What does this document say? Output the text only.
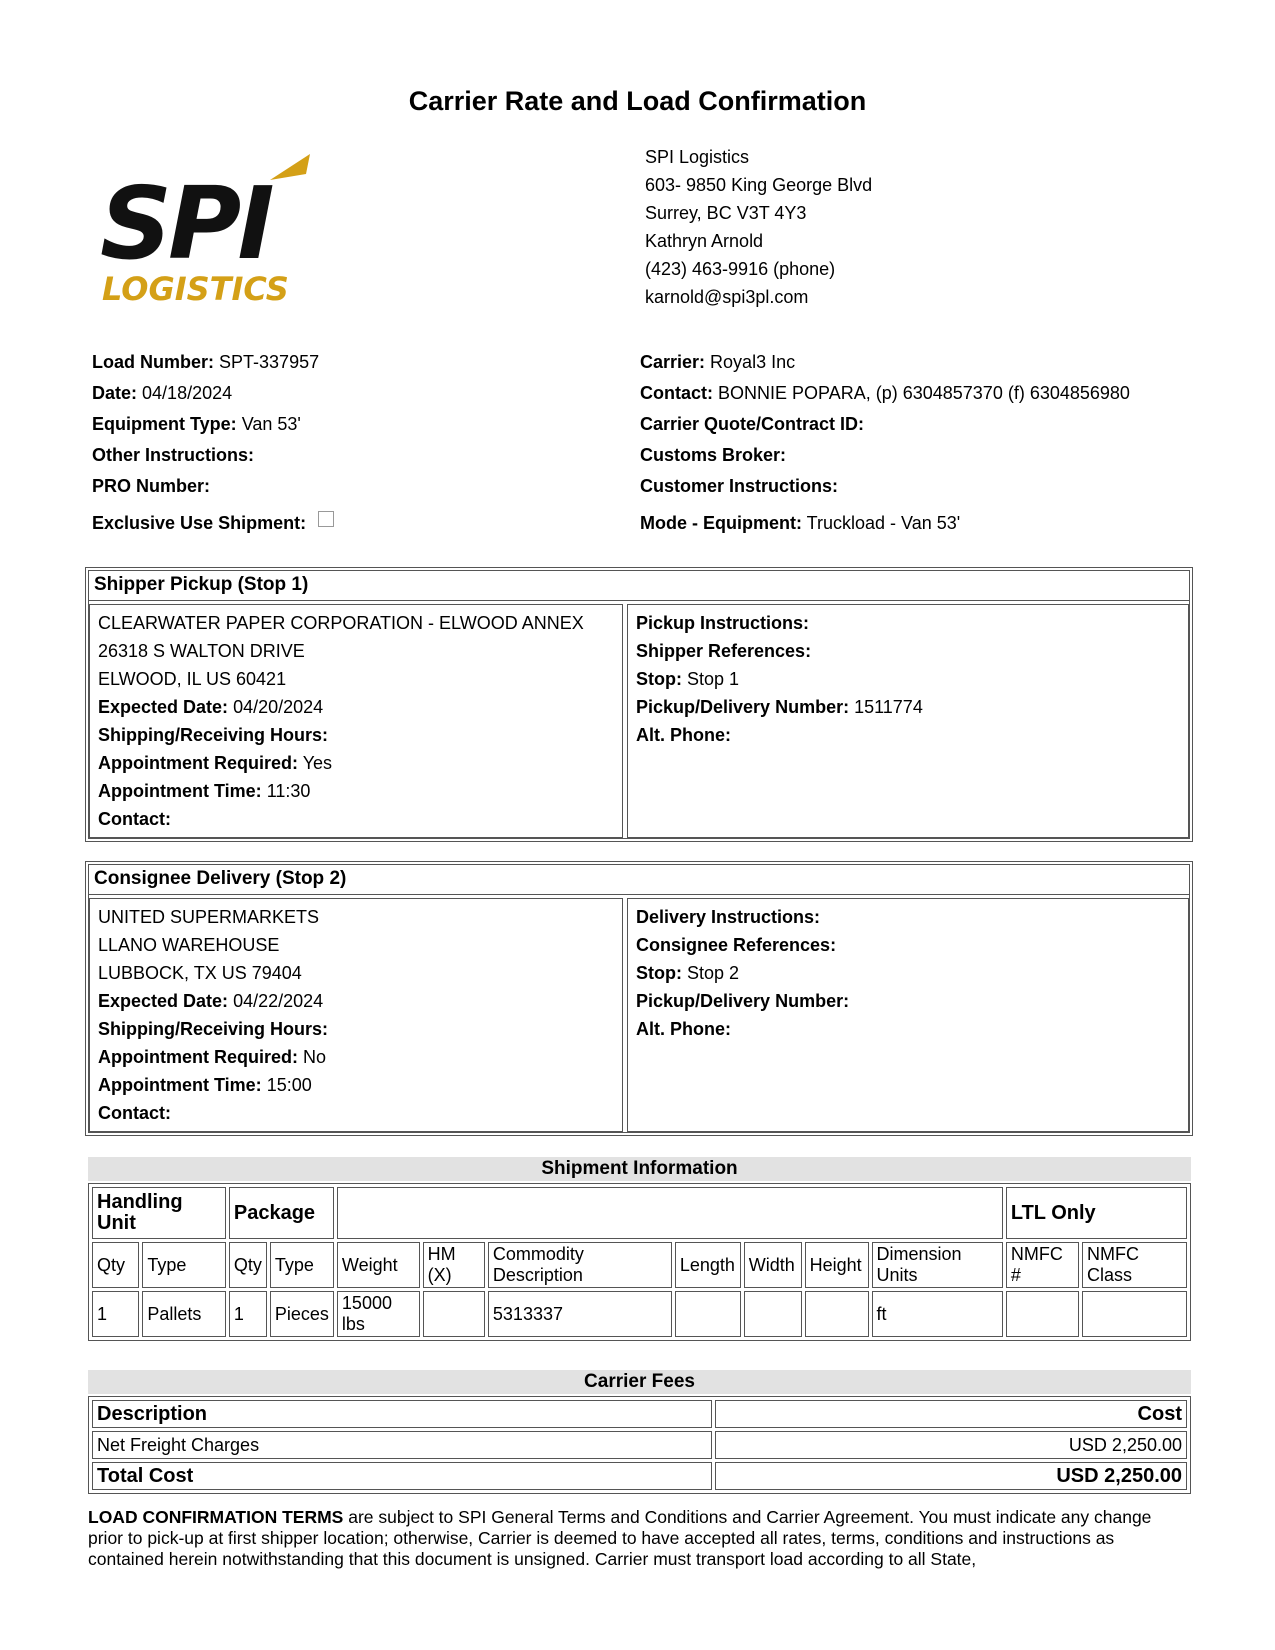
Carrier Rate and Load Confirmation
SPI
LOGISTICS
SPI Logistics
603- 9850 King George Blvd
Surrey, BC V3T 4Y3
Kathryn Arnold
(423) 463-9916 (phone)
karnold@spi3pl.com
Load Number: SPT-337957
Date: 04/18/2024
Equipment Type: Van 53'
Other Instructions:
PRO Number:
Exclusive Use Shipment:
Carrier: Royal3 Inc
Contact: BONNIE POPARA, (p) 6304857370 (f) 6304856980
Carrier Quote/Contract ID:
Customs Broker:
Customer Instructions:
Mode - Equipment: Truckload - Van 53'
Shipper Pickup (Stop 1)
CLEARWATER PAPER CORPORATION - ELWOOD ANNEX
26318 S WALTON DRIVE
ELWOOD, IL US 60421
Expected Date: 04/20/2024
Shipping/Receiving Hours:
Appointment Required: Yes
Appointment Time: 11:30
Contact:
Pickup Instructions:
Shipper References:
Stop: Stop 1
Pickup/Delivery Number: 1511774
Alt. Phone:
Consignee Delivery (Stop 2)
UNITED SUPERMARKETS
LLANO WAREHOUSE
LUBBOCK, TX US 79404
Expected Date: 04/22/2024
Shipping/Receiving Hours:
Appointment Required: No
Appointment Time: 15:00
Contact:
Delivery Instructions:
Consignee References:
Stop: Stop 2
Pickup/Delivery Number:
Alt. Phone:
Shipment Information
Handling Unit		Package									LTL Only	
Qty	Type	Qty	Type	Weight	HM (X)	Commodity Description	Length	Width	Height	Dimension Units	NMFC #	NMFC Class
1	Pallets	1	Pieces	15000 lbs		5313337				ft		
Carrier Fees
Description	Cost
Net Freight Charges	USD 2,250.00
Total Cost	USD 2,250.00
LOAD CONFIRMATION TERMS are subject to SPI General Terms and Conditions and Carrier Agreement. You must indicate any change prior to pick-up at first shipper location; otherwise, Carrier is deemed to have accepted all rates, terms, conditions and instructions as contained herein notwithstanding that this document is unsigned. Carrier must transport load according to all State,
